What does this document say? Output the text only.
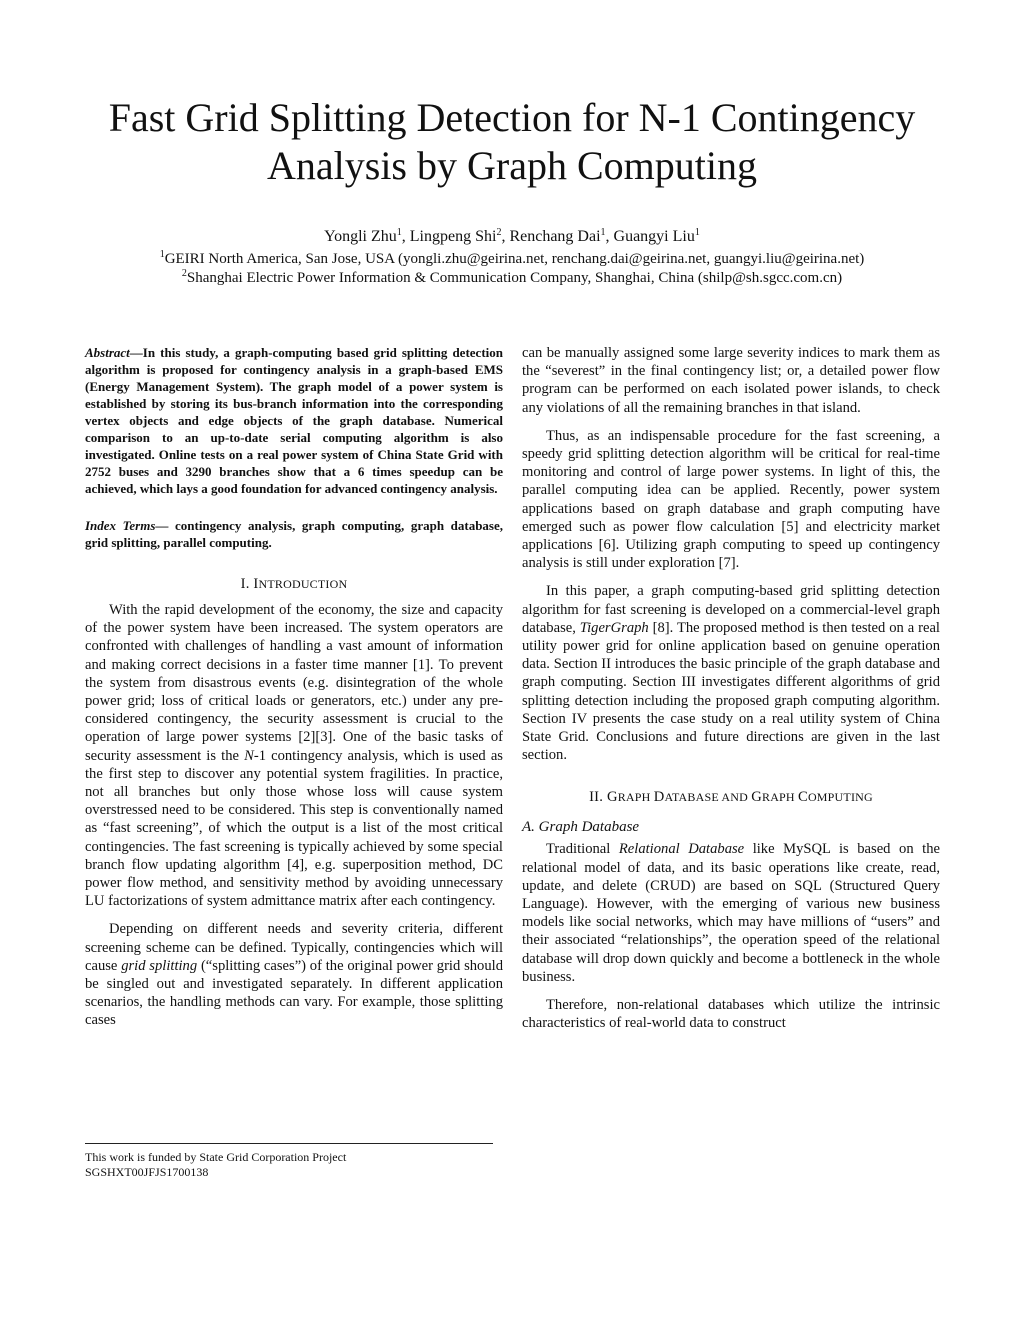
Fast Grid Splitting Detection for N-1 Contingency
Analysis by Graph Computing
Yongli Zhu$^1$, Lingpeng Shi$^2$, Renchang Dai$^1$, Guangyi Liu$^1$
$^1$GEIRI North America, San Jose, USA (yongli.zhu@geirina.net, renchang.dai@geirina.net, guangyi.liu@geirina.net)
$^2$Shanghai Electric Power Information & Communication Company, Shanghai, China (shilp@sh.sgcc.com.cn)

Abstract—In this study, a graph-computing based grid splitting detection algorithm is proposed for contingency analysis in a graph-based EMS (Energy Management System). The graph model of a power system is established by storing its bus-branch information into the corresponding vertex objects and edge objects of the graph database. Numerical comparison to an up-to-date serial computing algorithm is also investigated. Online tests on a real power system of China State Grid with 2752 buses and 3290 branches show that a 6 times speedup can be achieved, which lays a good foundation for advanced contingency analysis.

Index Terms— contingency analysis, graph computing, graph database, grid splitting, parallel computing.

I. INTRODUCTION

With the rapid development of the economy, the size and capacity of the power system have been increased. The system operators are confronted with challenges of handling a vast amount of information and making correct decisions in a faster time manner [1]. To prevent the system from disastrous events (e.g. disintegration of the whole power grid; loss of critical loads or generators, etc.) under any pre-considered contingency, the security assessment is crucial to the operation of large power systems [2][3]. One of the basic tasks of security assessment is the N-1 contingency analysis, which is used as the first step to discover any potential system fragilities. In practice, not all branches but only those whose loss will cause system overstressed need to be considered. This step is conventionally named as “fast screening”, of which the output is a list of the most critical contingencies. The fast screening is typically achieved by some special branch flow updating algorithm [4], e.g. superposition method, DC power flow method, and sensitivity method by avoiding unnecessary LU factorizations of system admittance matrix after each contingency.

Depending on different needs and severity criteria, different screening scheme can be defined. Typically, contingencies which will cause grid splitting (“splitting cases”) of the original power grid should be singled out and investigated separately. In different application scenarios, the handling methods can vary. For example, those splitting cases

can be manually assigned some large severity indices to mark them as the “severest” in the final contingency list; or, a detailed power flow program can be performed on each isolated power islands, to check any violations of all the remaining branches in that island.

Thus, as an indispensable procedure for the fast screening, a speedy grid splitting detection algorithm will be critical for real-time monitoring and control of large power systems. In light of this, the parallel computing idea can be applied. Recently, power system applications based on graph database and graph computing have emerged such as power flow calculation [5] and electricity market applications [6]. Utilizing graph computing to speed up contingency analysis is still under exploration [7].

In this paper, a graph computing-based grid splitting detection algorithm for fast screening is developed on a commercial-level graph database, TigerGraph [8]. The proposed method is then tested on a real utility power grid for online application based on genuine operation data. Section II introduces the basic principle of the graph database and graph computing. Section III investigates different algorithms of grid splitting detection including the proposed graph computing algorithm. Section IV presents the case study on a real utility system of China State Grid. Conclusions and future directions are given in the last section.

II. GRAPH DATABASE AND GRAPH COMPUTING
A. Graph Database

Traditional Relational Database like MySQL is based on the relational model of data, and its basic operations like create, read, update, and delete (CRUD) are based on SQL (Structured Query Language). However, with the emerging of various new business models like social networks, which may have millions of “users” and their associated “relationships”, the operation speed of the relational database will drop down quickly and become a bottleneck in the whole business.

Therefore, non-relational databases which utilize the intrinsic characteristics of real-world data to construct

This work is funded by State Grid Corporation Project
SGSHXT00JFJS1700138
